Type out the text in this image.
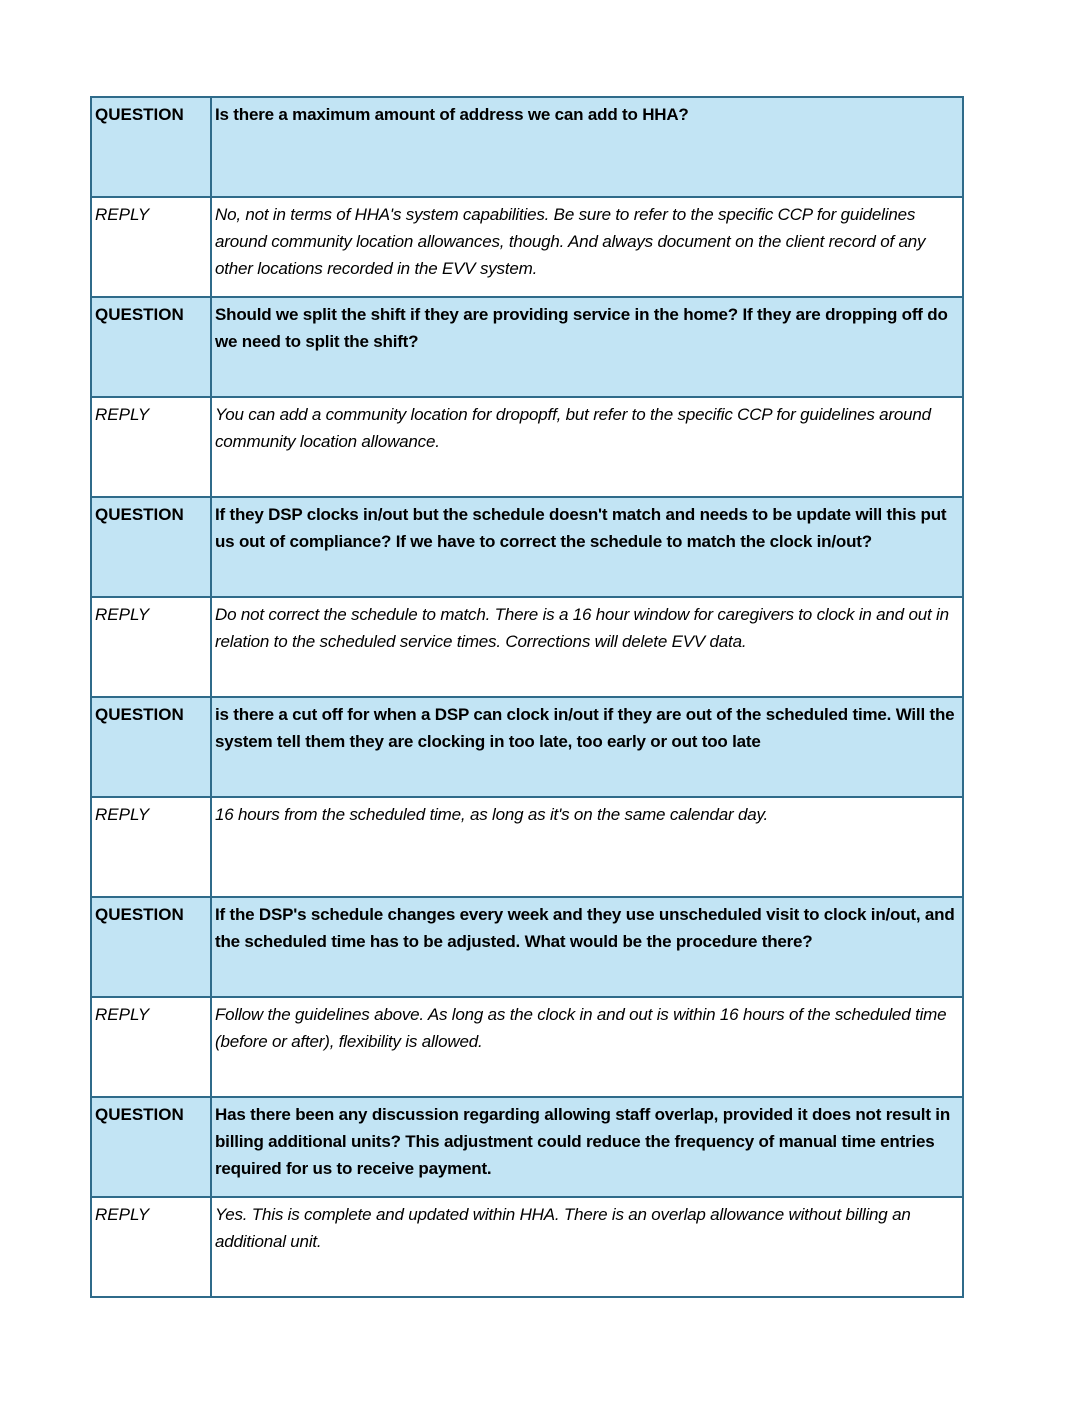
QUESTION	Is there a maximum amount of address we can add to HHA?
REPLY	No, not in terms of HHA's system capabilities. Be sure to refer to the specific CCP for guidelines around community location allowances, though. And always document on the client record of any other locations recorded in the EVV system.
QUESTION	Should we split the shift if they are providing service in the home? If they are dropping off do we need to split the shift?
REPLY	You can add a community location for dropopff, but refer to the specific CCP for guidelines around community location allowance.
QUESTION	If they DSP clocks in/out but the schedule doesn't match and needs to be update will this put us out of compliance? If we have to correct the schedule to match the clock in/out?
REPLY	Do not correct the schedule to match. There is a 16 hour window for caregivers to clock in and out in relation to the scheduled service times. Corrections will delete EVV data.
QUESTION	is there a cut off for when a DSP can clock in/out if they are out of the scheduled time. Will the system tell them they are clocking in too late, too early or out too late
REPLY	16 hours from the scheduled time, as long as it's on the same calendar day.
QUESTION	If the DSP's schedule changes every week and they use unscheduled visit to clock in/out, and the scheduled time has to be adjusted. What would be the procedure there?
REPLY	Follow the guidelines above. As long as the clock in and out is within 16 hours of the scheduled time (before or after), flexibility is allowed.
QUESTION	Has there been any discussion regarding allowing staff overlap, provided it does not result in billing additional units? This adjustment could reduce the frequency of manual time entries required for us to receive payment.
REPLY	Yes. This is complete and updated within HHA. There is an overlap allowance without billing an additional unit.
